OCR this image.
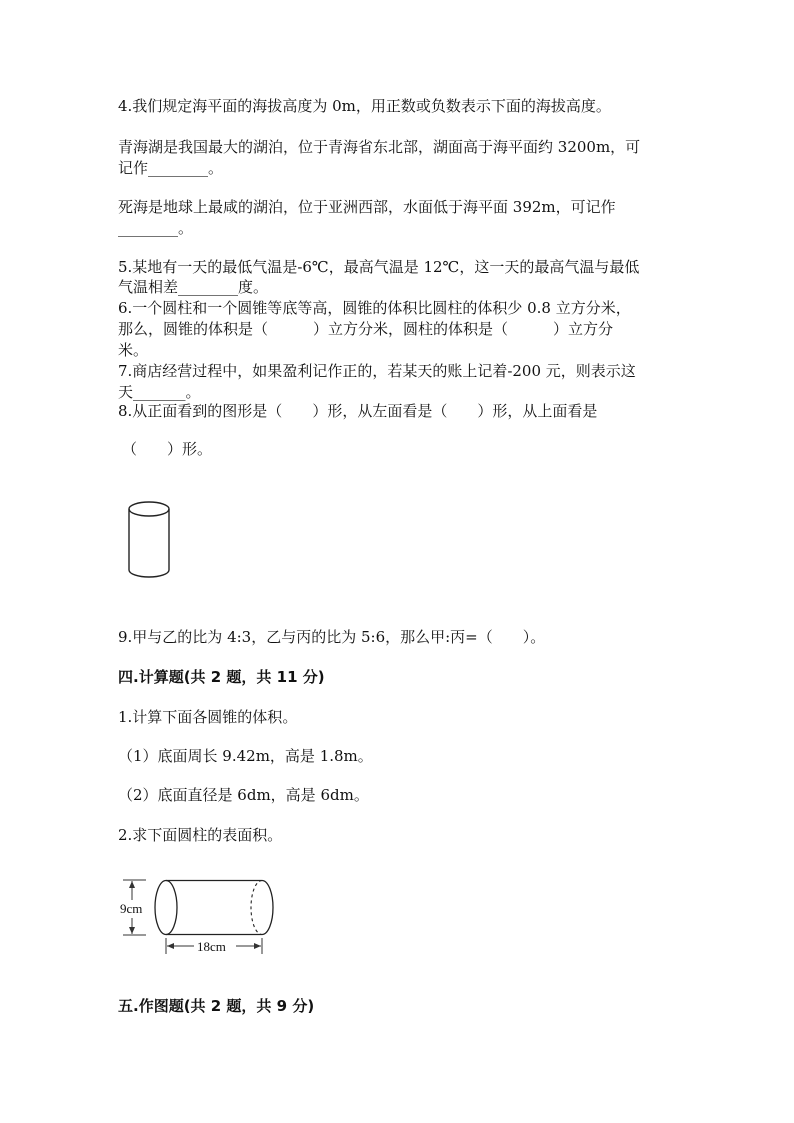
4.我们规定海平面的海拔高度为 0m，用正数或负数表示下面的海拔高度。
青海湖是我国最大的湖泊，位于青海省东北部，湖面高于海平面约 3200m，可
记作________。
死海是地球上最咸的湖泊，位于亚洲西部，水面低于海平面 392m，可记作
________。
5.某地有一天的最低气温是-6℃，最高气温是 12℃，这一天的最高气温与最低
气温相差________度。
6.一个圆柱和一个圆锥等底等高，圆锥的体积比圆柱的体积少 0.8 立方分米，
那么，圆锥的体积是（　　　）立方分米，圆柱的体积是（　　　）立方分
米。
7.商店经营过程中，如果盈利记作正的，若某天的账上记着-200 元，则表示这
天_______。
8.从正面看到的图形是（　　）形，从左面看是（　　）形，从上面看是
（　　）形。
9.甲与乙的比为 4:3，乙与丙的比为 5:6，那么甲:丙=（　　）。
四.计算题(共 2 题，共 11 分)
1.计算下面各圆锥的体积。
（1）底面周长 9.42m，高是 1.8m。
（2）底面直径是 6dm，高是 6dm。
2.求下面圆柱的表面积。
9cm
18cm
五.作图题(共 2 题，共 9 分)
